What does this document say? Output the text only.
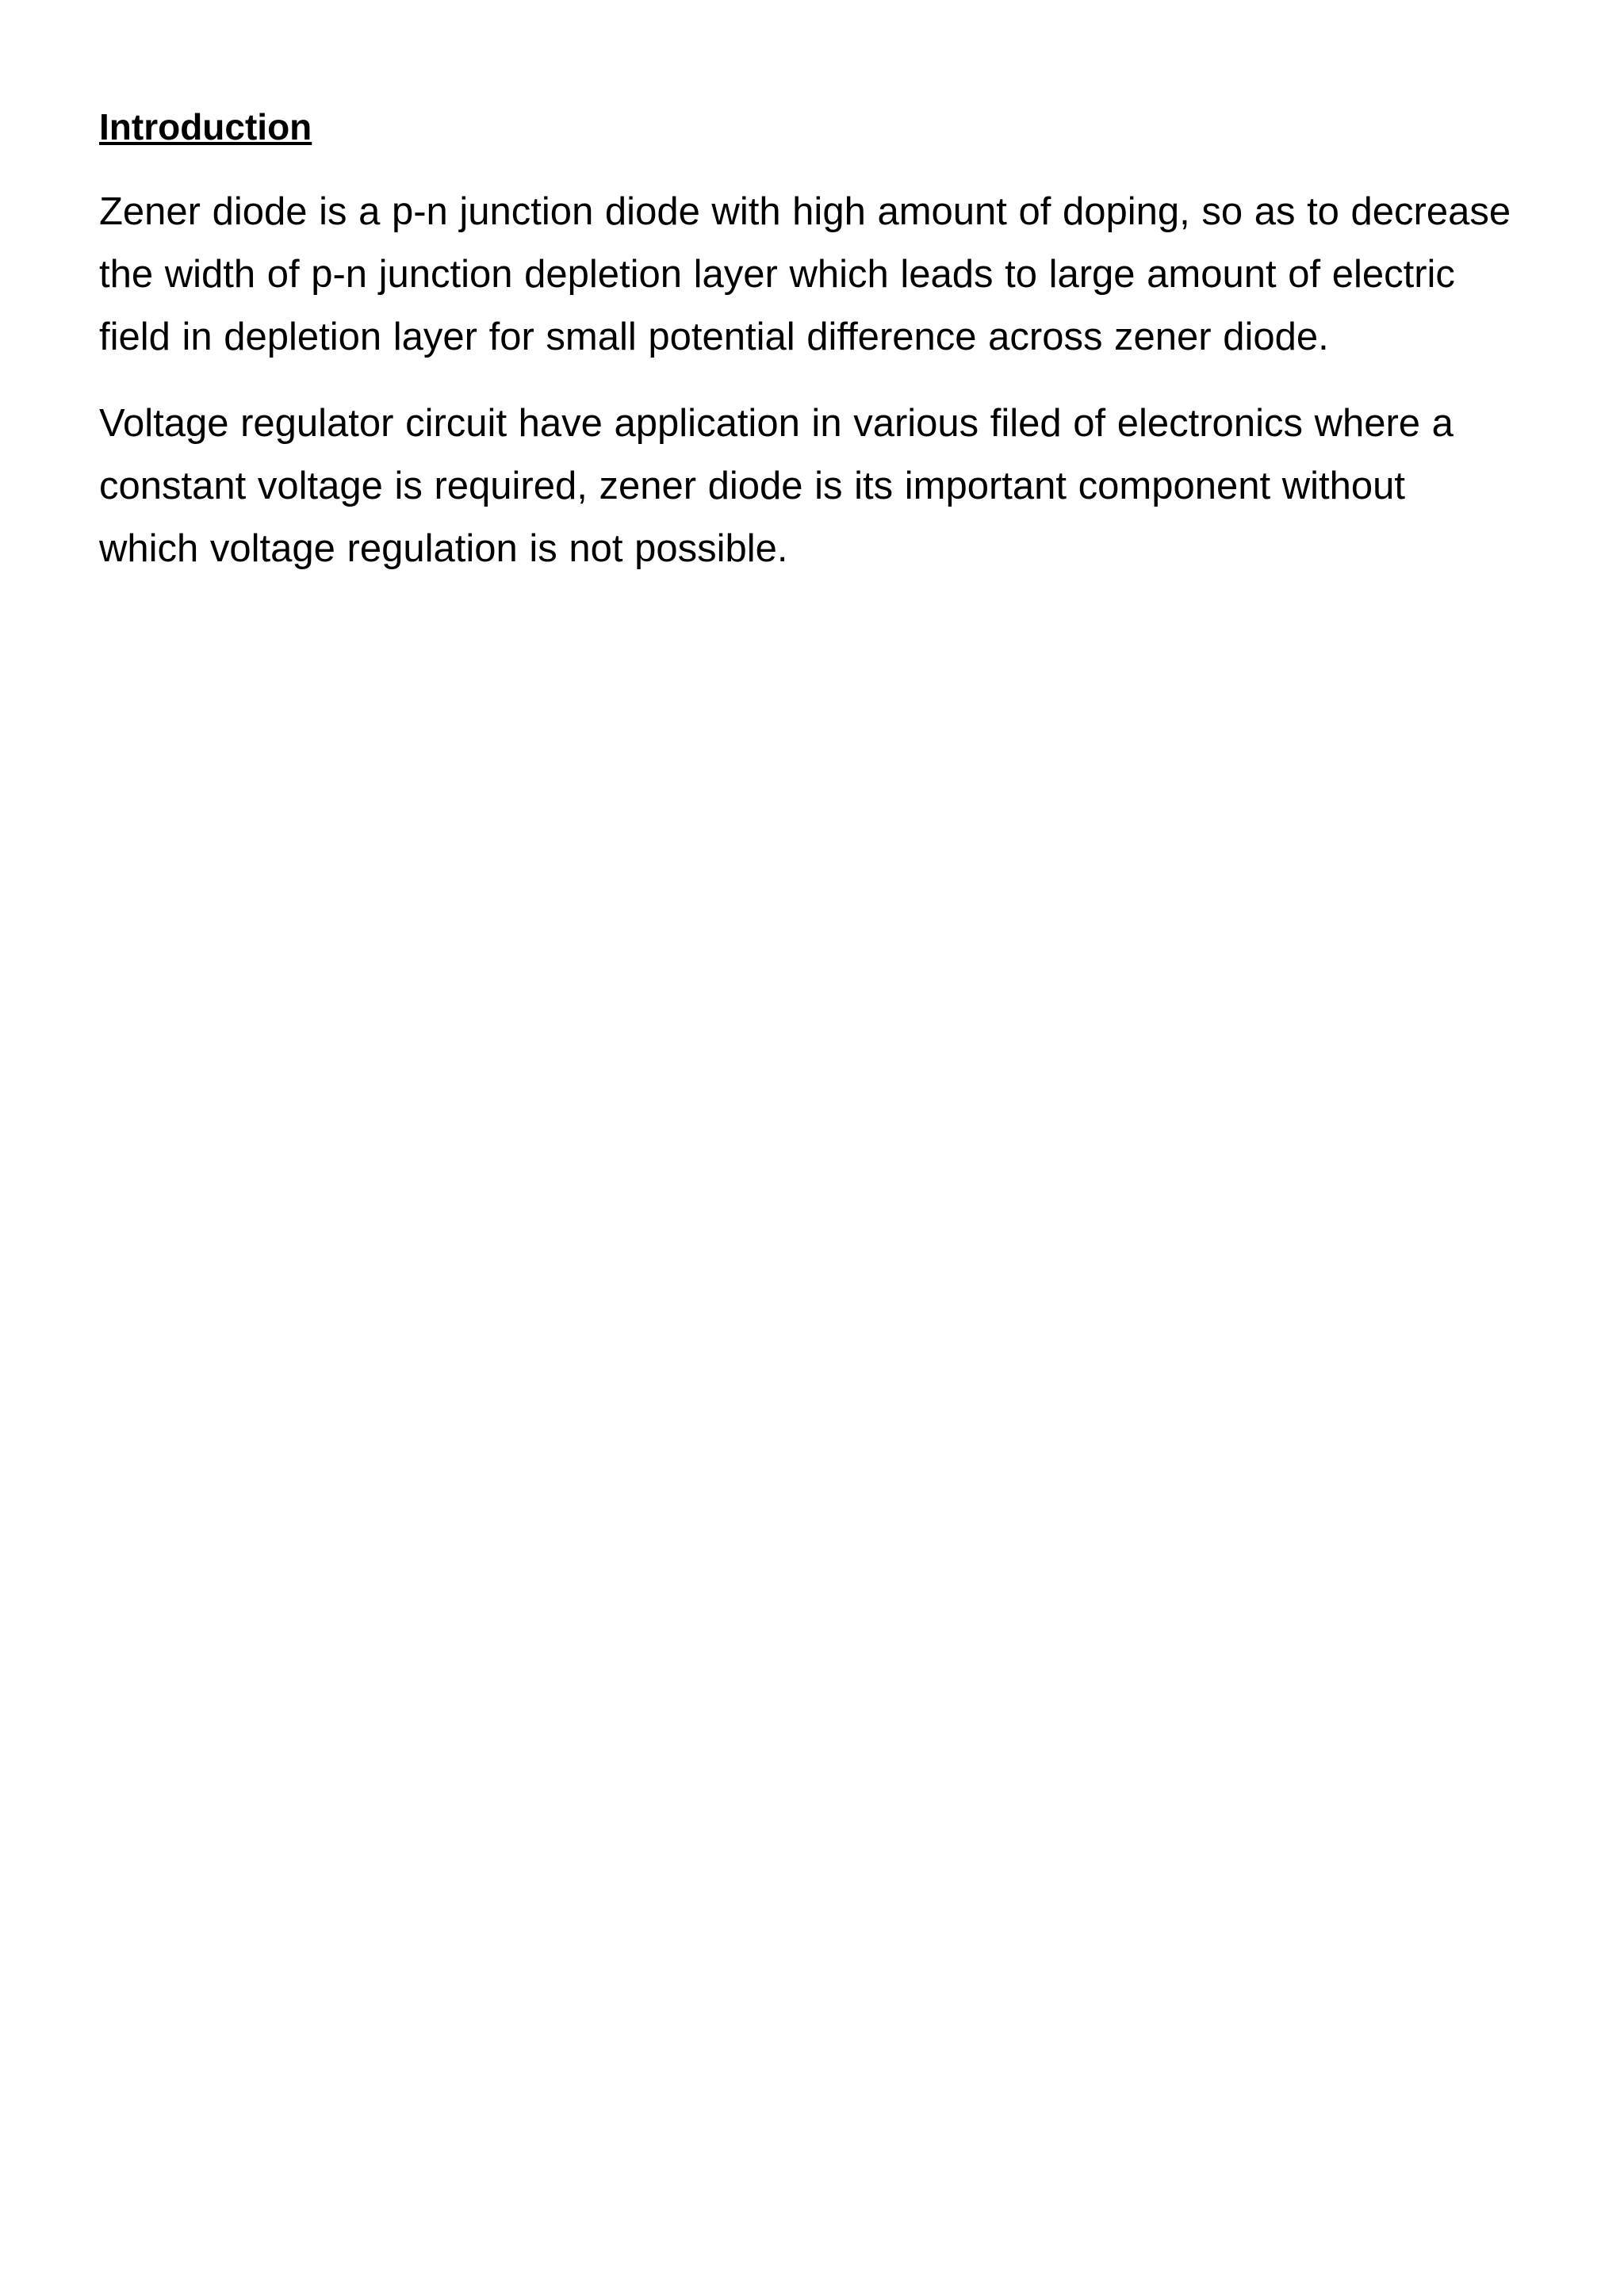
Introduction

Zener diode is a p-n junction diode with high amount of doping, so as to decrease the width of p-n junction depletion layer which leads to large amount of electric field in depletion layer for small potential difference across zener diode.

Voltage regulator circuit have application in various filed of electronics where a constant voltage is required, zener diode is its important component without which voltage regulation is not possible.
